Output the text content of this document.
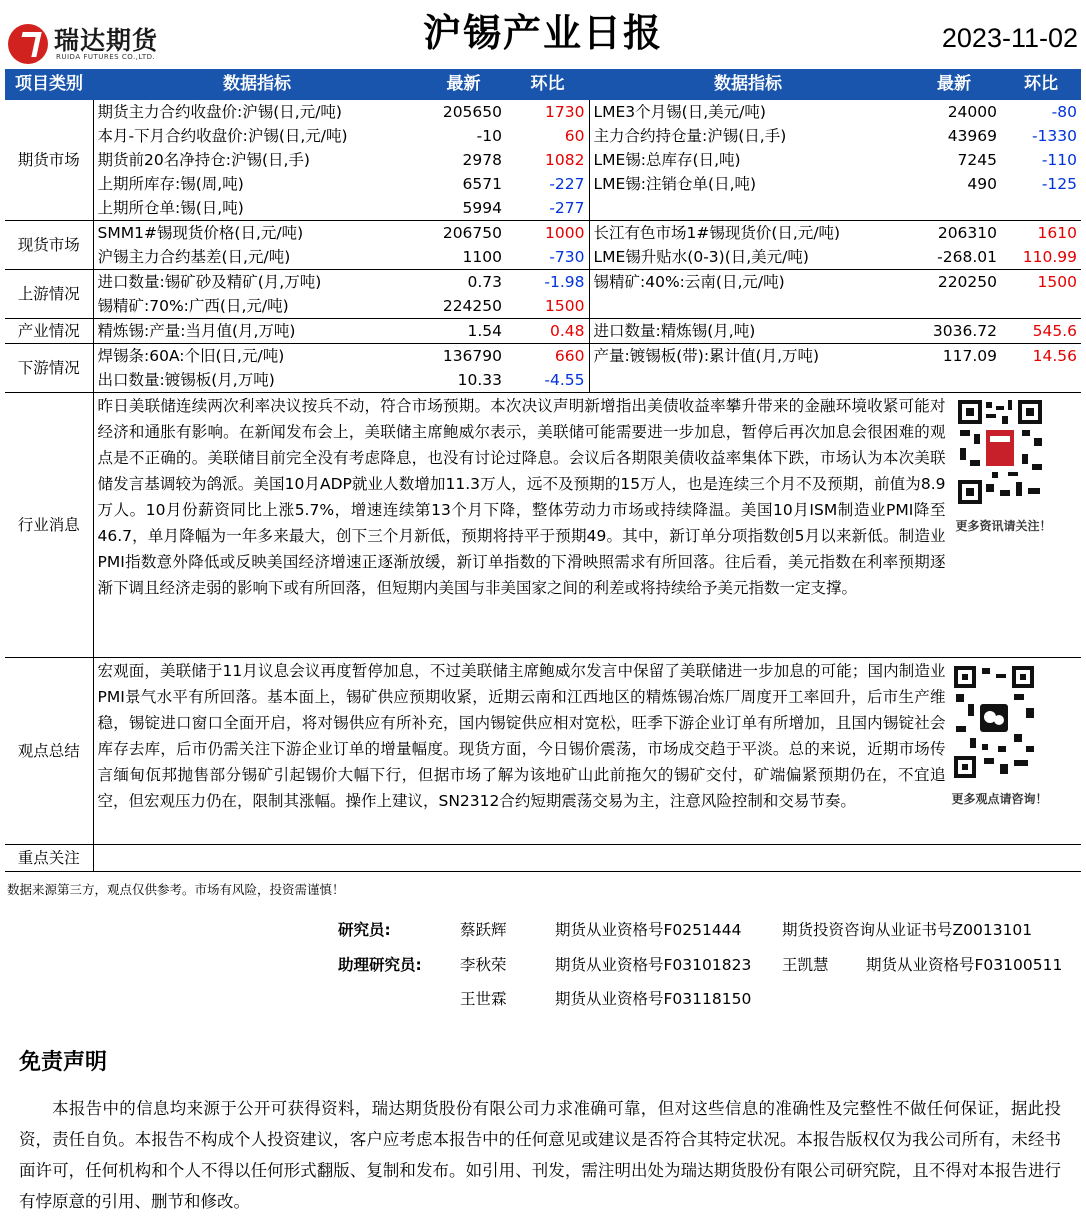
瑞达期货
RUIDA FUTURES CO.,LTD.
沪锡产业日报	2023-11-02
项目类别	数据指标	最新	环比	数据指标	最新	环比
期货市场	期货主力合约收盘价:沪锡(日,元/吨)	205650	1730	LME3个月锡(日,美元/吨)	24000	-80
	本月-下月合约收盘价:沪锡(日,元/吨)	-10	60	主力合约持仓量:沪锡(日,手)	43969	-1330
	期货前20名净持仓:沪锡(日,手)	2978	1082	LME锡:总库存(日,吨)	7245	-110
	上期所库存:锡(周,吨)	6571	-227	LME锡:注销仓单(日,吨)	490	-125
	上期所仓单:锡(日,吨)	5994	-277			
现货市场	SMM1#锡现货价格(日,元/吨)	206750	1000	长江有色市场1#锡现货价(日,元/吨)	206310	1610
	沪锡主力合约基差(日,元/吨)	1100	-730	LME锡升贴水(0-3)(日,美元/吨)	-268.01	110.99
上游情况	进口数量:锡矿砂及精矿(月,万吨)	0.73	-1.98	锡精矿:40%:云南(日,元/吨)	220250	1500
	锡精矿:70%:广西(日,元/吨)	224250	1500			
产业情况	精炼锡:产量:当月值(月,万吨)	1.54	0.48	进口数量:精炼锡(月,吨)	3036.72	545.6
下游情况	焊锡条:60A:个旧(日,元/吨)	136790	660	产量:镀锡板(带):累计值(月,万吨)	117.09	14.56
	出口数量:镀锡板(月,万吨)	10.33	-4.55			
行业消息	昨日美联储连续两次利率决议按兵不动，符合市场预期。本次决议声明新增指出美债收益率攀升带来的金融环境收紧可能对经济和通胀有影响。在新闻发布会上，美联储主席鲍威尔表示，美联储可能需要进一步加息，暂停后再次加息会很困难的观点是不正确的。美联储目前完全没有考虑降息，也没有讨论过降息。会议后各期限美债收益率集体下跌，市场认为本次美联储发言基调较为鸽派。美国10月ADP就业人数增加11.3万人，远不及预期的15万人，也是连续三个月不及预期，前值为8.9万人。10月份薪资同比上涨5.7%，增速连续第13个月下降，整体劳动力市场或持续降温。美国10月ISM制造业PMI降至46.7，单月降幅为一年多来最大，创下三个月新低，预期将持平于预期49。其中，新订单分项指数创5月以来新低。制造业PMI指数意外降低或反映美国经济增速正逐渐放缓，新订单指数的下滑映照需求有所回落。往后看，美元指数在利率预期逐渐下调且经济走弱的影响下或有所回落，但短期内美国与非美国家之间的利差或将持续给予美元指数一定支撑。

更多资讯请关注！					

观点总结	宏观面，美联储于11月议息会议再度暂停加息，不过美联储主席鲍威尔发言中保留了美联储进一步加息的可能；国内制造业PMI景气水平有所回落。基本面上，锡矿供应预期收紧，近期云南和江西地区的精炼锡冶炼厂周度开工率回升，后市生产维稳，锡锭进口窗口全面开启，将对锡供应有所补充，国内锡锭供应相对宽松，旺季下游企业订单有所增加，且国内锡锭社会库存去库，后市仍需关注下游企业订单的增量幅度。现货方面，今日锡价震荡，市场成交趋于平淡。总的来说，近期市场传言缅甸佤邦抛售部分锡矿引起锡价大幅下行，但据市场了解为该地矿山此前拖欠的锡矿交付，矿端偏紧预期仍在，不宜追空，但宏观压力仍在，限制其涨幅。操作上建议，SN2312合约短期震荡交易为主，注意风险控制和交易节奏。 更多观点请咨询！					

重点关注						
数据来源第三方，观点仅供参考。市场有风险，投资需谨慎！
研究员:	蔡跃辉	期货从业资格号F0251444	期货投资咨询从业证书号Z0013101
助理研究员: 李秋荣	期货从业资格号F03101823 王凯慧 期货从业资格号F03100511
王世霖	期货从业资格号F03118150
免责声明
本报告中的信息均来源于公开可获得资料，瑞达期货股份有限公司力求准确可靠，但对这些信息的准确性及完整性不做任何保证，据此投资，责任自负。本报告不构成个人投资建议，客户应考虑本报告中的任何意见或建议是否符合其特定状况。本报告版权仅为我公司所有，未经书面许可，任何机构和个人不得以任何形式翻版、复制和发布。如引用、刊发，需注明出处为瑞达期货股份有限公司研究院，且不得对本报告进行有悖原意的引用、删节和修改。
